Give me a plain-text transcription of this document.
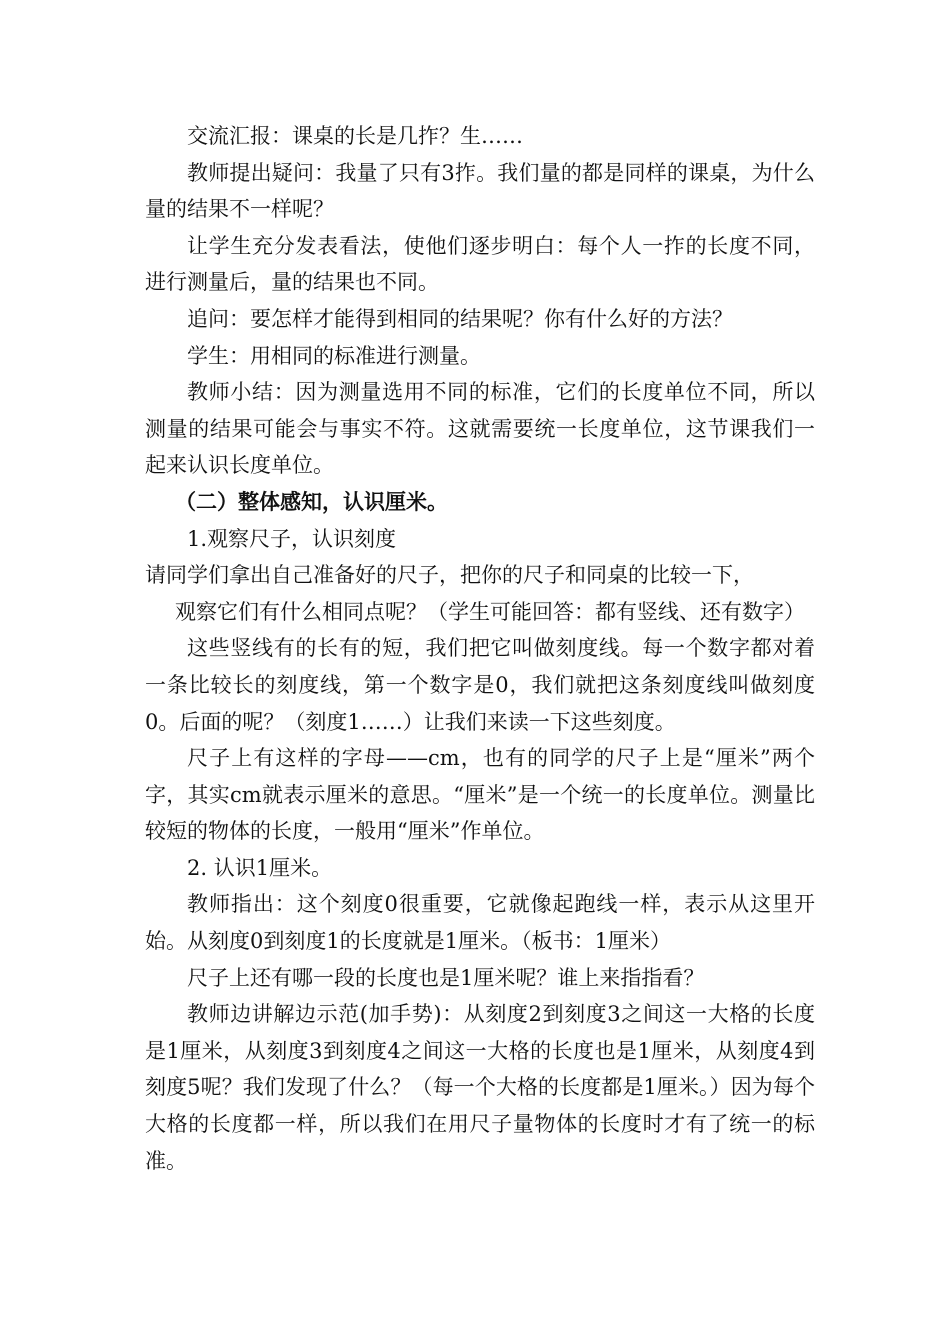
交流汇报：课桌的长是几拃？生……

教师提出疑问：我量了只有3拃。我们量的都是同样的课桌，为什么量的结果不一样呢？

让学生充分发表看法，使他们逐步明白：每个人一拃的长度不同，进行测量后，量的结果也不同。

追问：要怎样才能得到相同的结果呢？你有什么好的方法？

学生：用相同的标准进行测量。

教师小结：因为测量选用不同的标准，它们的长度单位不同，所以测量的结果可能会与事实不符。这就需要统一长度单位，这节课我们一起来认识长度单位。

（二）整体感知，认识厘米。

1.观察尺子，认识刻度

请同学们拿出自己准备好的尺子，把你的尺子和同桌的比较一下，

观察它们有什么相同点呢？（学生可能回答：都有竖线、还有数字）

这些竖线有的长有的短，我们把它叫做刻度线。每一个数字都对着一条比较长的刻度线，第一个数字是0，我们就把这条刻度线叫做刻度0。后面的呢？（刻度1……）让我们来读一下这些刻度。

尺子上有这样的字母——cm，也有的同学的尺子上是“厘米”两个字，其实cm就表示厘米的意思。“厘米”是一个统一的长度单位。测量比较短的物体的长度，一般用“厘米”作单位。

2. 认识1厘米。

教师指出：这个刻度0很重要，它就像起跑线一样，表示从这里开始。从刻度0到刻度1的长度就是1厘米。（板书：1厘米）

尺子上还有哪一段的长度也是1厘米呢？谁上来指指看？

教师边讲解边示范(加手势)：从刻度2到刻度3之间这一大格的长度是1厘米，从刻度3到刻度4之间这一大格的长度也是1厘米，从刻度4到刻度5呢？我们发现了什么？（每一个大格的长度都是1厘米。）因为每个大格的长度都一样，所以我们在用尺子量物体的长度时才有了统一的标准。
